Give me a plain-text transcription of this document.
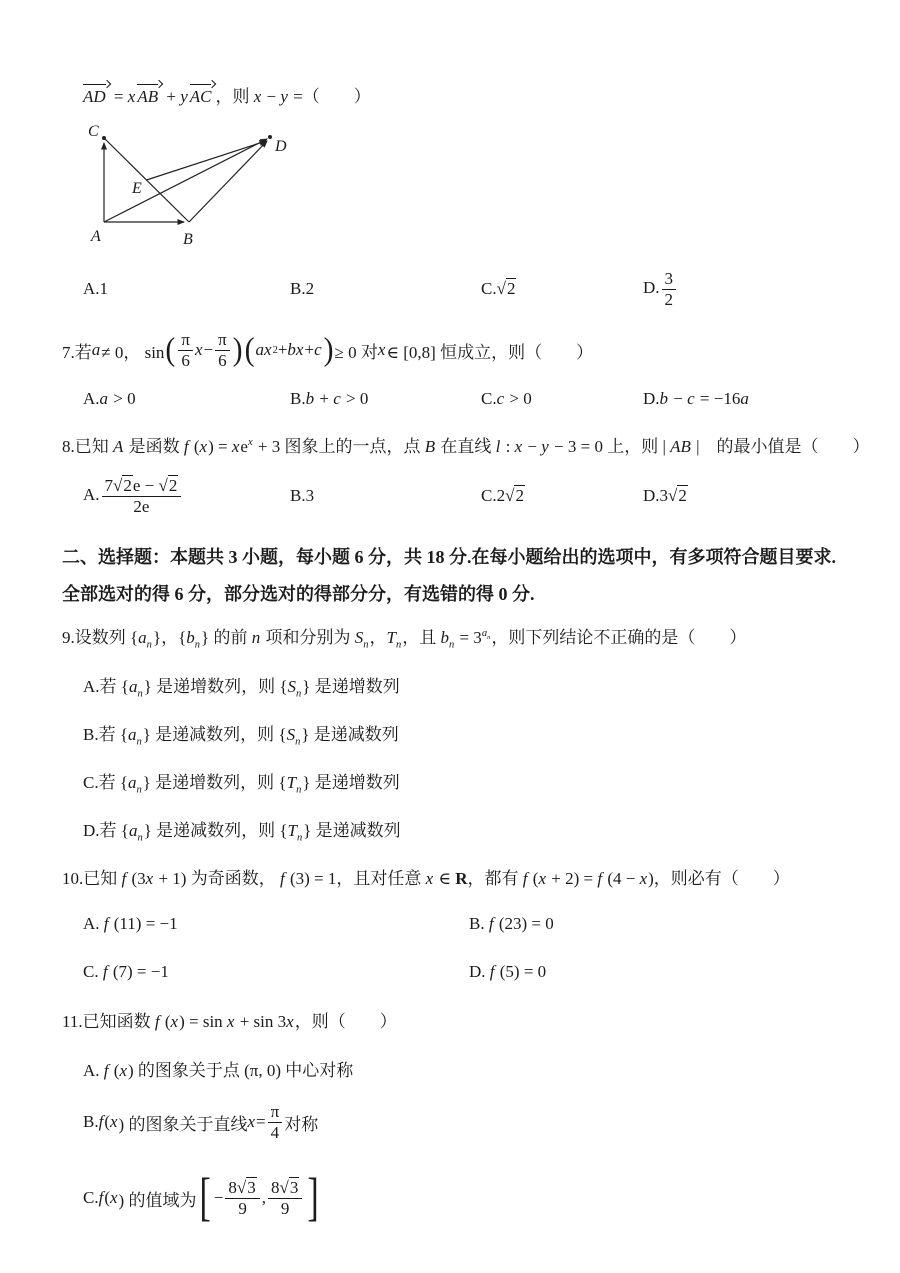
AD = x AB + y AC ，则 x − y =（　　）
C
D
E
A	B
A.1	B.2	C.√2	D. $\frac{3}{2}$
7.若 a ≠ 0， sin ( π
6
x −
π
6 ) ( ax 2 + bx + c ) ≥ 0 对 x ∈ [0,8] 恒成立，则（　　）
A.a > 0	B.b + c > 0	C.c > 0	D.b − c = −16a
8.已知 A 是函数 f $(x) = xe^x + 3$ 图象上的一点，点 B 在直线 l : x − y − 3 = 0 上，则 | AB |　的最小值是（　　）
A. $\frac{7√2e - √2}{2e}$	B.3	C.2√2	D.3√2
二、选择题：本题共 3 小题，每小题 6 分，共 18 分.在每小题给出的选项中，有多项符合题目要求.全部选对的得 6 分，部分选对的得部分分，有选错的得 0 分.
9.设数列 $\{a_n\}$，$\{b_n\}$ 的前 n 项和分别为 $S_n$，$T_n$，且 $b_n = 3^{a_n}$，则下列结论不正确的是（　　）
A.若 $\{a_n\}$ 是递增数列，则 $\{S_n\}$ 是递增数列
B.若 $\{a_n\}$ 是递减数列，则 $\{S_n\}$ 是递减数列
C.若 $\{a_n\}$ 是递增数列，则 $\{T_n\}$ 是递增数列
D.若 $\{a_n\}$ 是递减数列，则 $\{T_n\}$ 是递减数列
10.已知 f (3x + 1) 为奇函数， f (3) = 1，且对任意 x ∈ R，都有 f (x + 2) = f (4 − x)，则必有（　　）
A. f (11) = −1	B. f (23) = 0
C. f (7) = −1	D. f (5) = 0
11.已知函数 f (x) = sin x + sin 3x，则（　　）
A. f (x) 的图象关于点 (π, 0) 中心对称
B. f ( x ) 的图象关于直线 x =
π
4 对称
C. f ( x ) 的值域为 [ −
8√3
9
,
8√3
9 ]
